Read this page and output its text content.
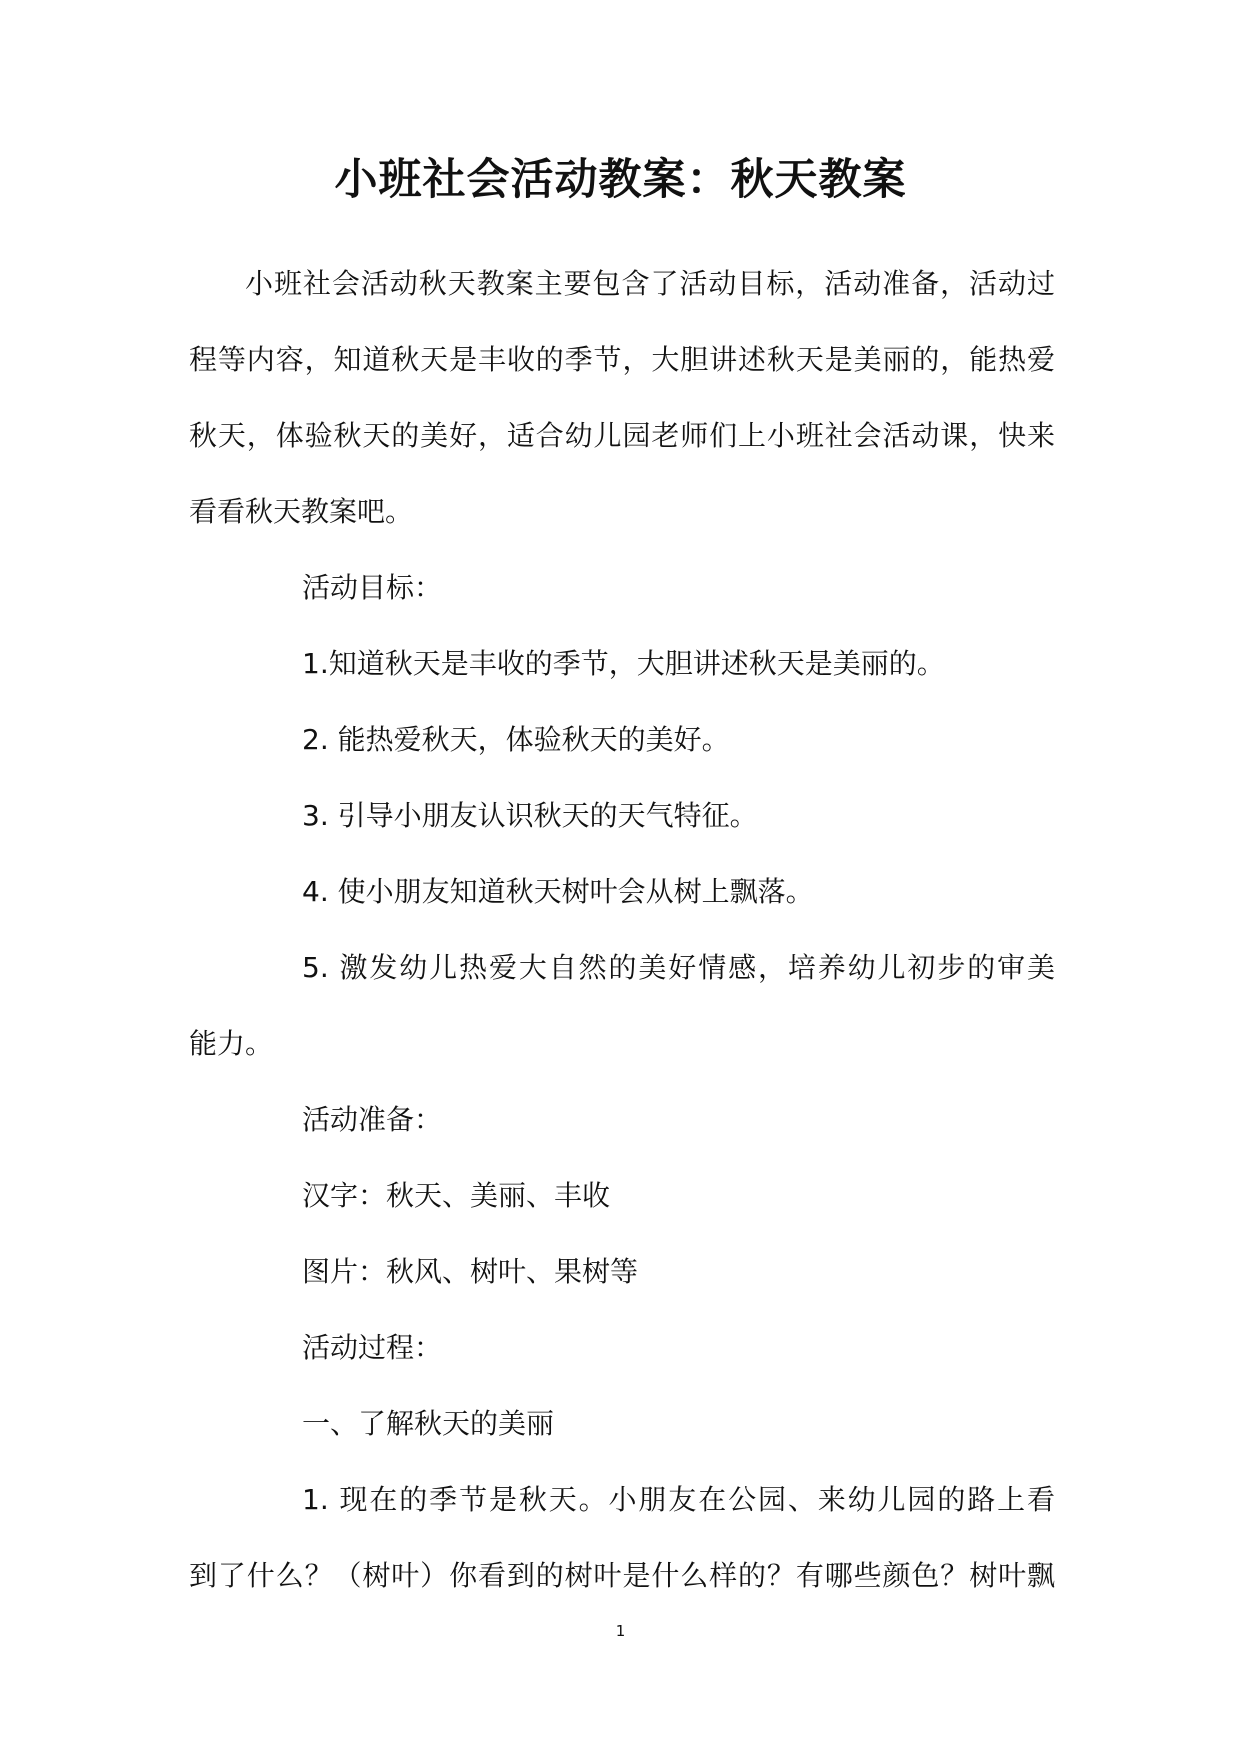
小班社会活动教案：秋天教案
小班社会活动秋天教案主要包含了活动目标，活动准备，活动过
程等内容，知道秋天是丰收的季节，大胆讲述秋天是美丽的，能热爱
秋天，体验秋天的美好，适合幼儿园老师们上小班社会活动课，快来
看看秋天教案吧。
活动目标：
1.知道秋天是丰收的季节，大胆讲述秋天是美丽的。
2. 能热爱秋天，体验秋天的美好。
3. 引导小朋友认识秋天的天气特征。
4. 使小朋友知道秋天树叶会从树上飘落。
5. 激发幼儿热爱大自然的美好情感，培养幼儿初步的审美
能力。
活动准备：
汉字：秋天、美丽、丰收
图片：秋风、树叶、果树等
活动过程：
一、了解秋天的美丽
1. 现在的季节是秋天。小朋友在公园、来幼儿园的路上看
到了什么？（树叶）你看到的树叶是什么样的？有哪些颜色？树叶飘
1
